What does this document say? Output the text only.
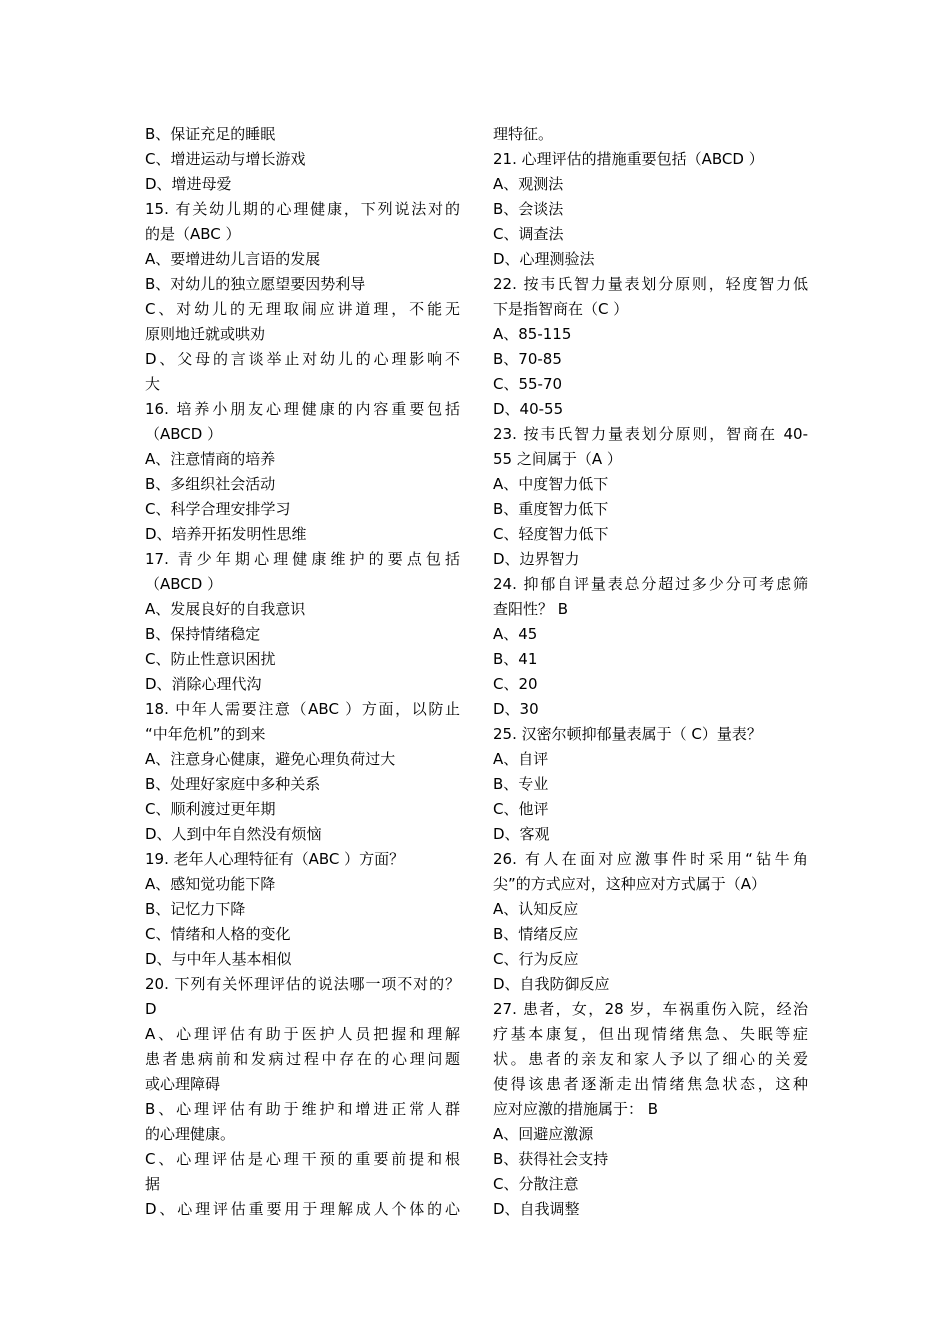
B、保证充足的睡眠
C、增进运动与增长游戏
D、增进母爱
15. 有关幼儿期的心理健康，下列说法对的
的是（ABC ）
A、要增进幼儿言语的发展
B、对幼儿的独立愿望要因势利导
C、对幼儿的无理取闹应讲道理，不能无
原则地迁就或哄劝
D、父母的言谈举止对幼儿的心理影响不
大
16. 培养小朋友心理健康的内容重要包括
（ABCD ）
A、注意情商的培养
B、多组织社会活动
C、科学合理安排学习
D、培养开拓发明性思维
17. 青少年期心理健康维护的要点包括
（ABCD ）
A、发展良好的自我意识
B、保持情绪稳定
C、防止性意识困扰
D、消除心理代沟
18. 中年人需要注意（ABC ）方面，以防止
“中年危机”的到来
A、注意身心健康，避免心理负荷过大
B、处理好家庭中多种关系
C、顺利渡过更年期
D、人到中年自然没有烦恼
19. 老年人心理特征有（ABC ）方面？
A、感知觉功能下降
B、记忆力下降
C、情绪和人格的变化
D、与中年人基本相似
20. 下列有关怀理评估的说法哪一项不对的？
D
A、心理评估有助于医护人员把握和理解
患者患病前和发病过程中存在的心理问题
或心理障碍
B、心理评估有助于维护和增进正常人群
的心理健康。
C、心理评估是心理干预的重要前提和根
据
D、心理评估重要用于理解成人个体的心
理特征。
21. 心理评估的措施重要包括（ABCD ）
A、观测法
B、会谈法
C、调查法
D、心理测验法
22. 按韦氏智力量表划分原则，轻度智力低
下是指智商在（C ）
A、85-115
B、70-85
C、55-70
D、40-55
23. 按韦氏智力量表划分原则，智商在 40-
55 之间属于（A ）
A、中度智力低下
B、重度智力低下
C、轻度智力低下
D、边界智力
24. 抑郁自评量表总分超过多少分可考虑筛
查阳性？ B
A、45
B、41
C、20
D、30
25. 汉密尔顿抑郁量表属于（ C）量表？
A、自评
B、专业
C、他评
D、客观
26. 有人在面对应激事件时采用“钻牛角
尖”的方式应对，这种应对方式属于（A）
A、认知反应
B、情绪反应
C、行为反应
D、自我防御反应
27. 患者，女，28 岁，车祸重伤入院，经治
疗基本康复，但出现情绪焦急、失眠等症
状。患者的亲友和家人予以了细心的关爱
使得该患者逐渐走出情绪焦急状态，这种
应对应激的措施属于： B
A、回避应激源
B、获得社会支持
C、分散注意
D、自我调整
